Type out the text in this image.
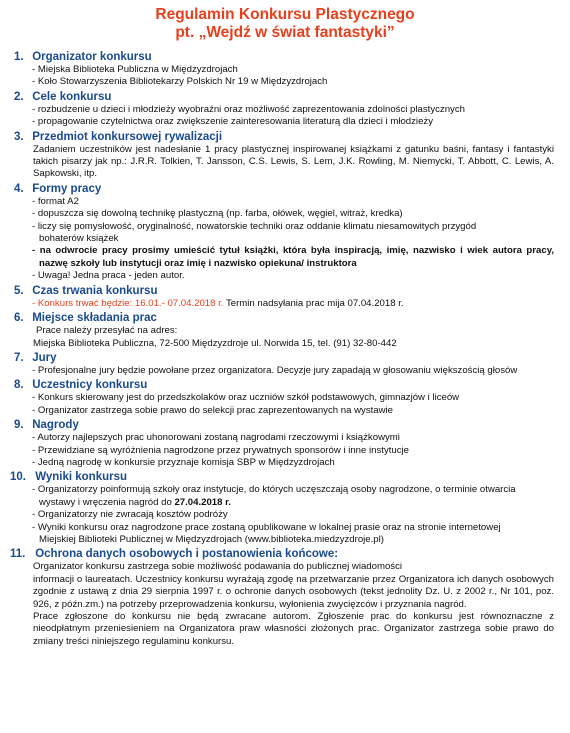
Regulamin Konkursu Plastycznego
pt. „Wejdź w świat fantastyki”
1. Organizator konkursu
- Miejska Biblioteka Publiczna w Międzyzdrojach
- Koło Stowarzyszenia Bibliotekarzy Polskich Nr 19 w Międzyzdrojach
2. Cele konkursu
- rozbudzenie u dzieci i młodzieży wyobraźni oraz możliwość zaprezentowania zdolności plastycznych
- propagowanie czytelnictwa oraz zwiększenie zainteresowania literaturą dla dzieci i młodzieży
3. Przedmiot konkursowej rywalizacji
Zadaniem uczestników jest nadesłanie 1 pracy plastycznej inspirowanej książkami z gatunku baśni, fantasy i fantastyki takich pisarzy jak np.: J.R.R. Tolkien, T. Jansson, C.S. Lewis, S. Lem, J.K. Rowling, M. Niemycki, T. Abbott, C. Lewis, A. Sapkowski, itp.
4. Formy pracy
- format A2
- dopuszcza się dowolną technikę plastyczną (np. farba, ołówek, węgiel, witraż, kredka)
- liczy się pomysłowość, oryginalność, nowatorskie techniki oraz oddanie klimatu niesamowitych przygód bohaterów książek
- na odwrocie pracy prosimy umieścić tytuł książki, która była inspiracją, imię, nazwisko i wiek autora pracy, nazwę szkoły lub instytucji oraz imię i nazwisko opiekuna/ instruktora
- Uwaga! Jedna praca - jeden autor.
5. Czas trwania konkursu
- Konkurs trwać będzie: 16.01.- 07.04.2018 r. Termin nadsyłania prac mija 07.04.2018 r.
6. Miejsce składania prac
Prace należy przesyłać na adres:
Miejska Biblioteka Publiczna, 72-500 Międzyzdroje ul. Norwida 15, tel. (91) 32-80-442
7. Jury
- Profesjonalne jury będzie powołane przez organizatora. Decyzje jury zapadają w głosowaniu większością głosów
8. Uczestnicy konkursu
- Konkurs skierowany jest do przedszkolaków oraz uczniów szkół podstawowych, gimnazjów i liceów
- Organizator zastrzega sobie prawo do selekcji prac zaprezentowanych na wystawie
9. Nagrody
- Autorzy najlepszych prac uhonorowani zostaną nagrodami rzeczowymi i książkowymi
- Przewidziane są wyróżnienia nagrodzone przez prywatnych sponsorów i inne instytucje
- Jedną nagrodę w konkursie przyznaje komisja SBP w Międzyzdrojach
10. Wyniki konkursu
- Organizatorzy poinformują szkoły oraz instytucje, do których uczęszczają osoby nagrodzone, o terminie otwarcia wystawy i wręczenia nagród do 27.04.2018 r.
- Organizatorzy nie zwracają kosztów podróży
- Wyniki konkursu oraz nagrodzone prace zostaną opublikowane w lokalnej prasie oraz na stronie internetowej Miejskiej Biblioteki Publicznej w Międzyzdrojach (www.biblioteka.miedzyzdroje.pl)
11. Ochrona danych osobowych i postanowienia końcowe:
Organizator konkursu zastrzega sobie możliwość podawania do publicznej wiadomości
informacji o laureatach. Uczestnicy konkursu wyrażają zgodę na przetwarzanie przez Organizatora ich danych osobowych zgodnie z ustawą z dnia 29 sierpnia 1997 r. o ochronie danych osobowych (tekst jednolity Dz. U. z 2002 r., Nr 101, poz. 926, z późn.zm.) na potrzeby przeprowadzenia konkursu, wyłonienia zwycięzców i przyznania nagród.
Prace zgłoszone do konkursu nie będą zwracane autorom. Zgłoszenie prac do konkursu jest równoznaczne z nieodpłatnym przeniesieniem na Organizatora praw własności złożonych prac. Organizator zastrzega sobie prawo do zmiany treści niniejszego regulaminu konkursu.
